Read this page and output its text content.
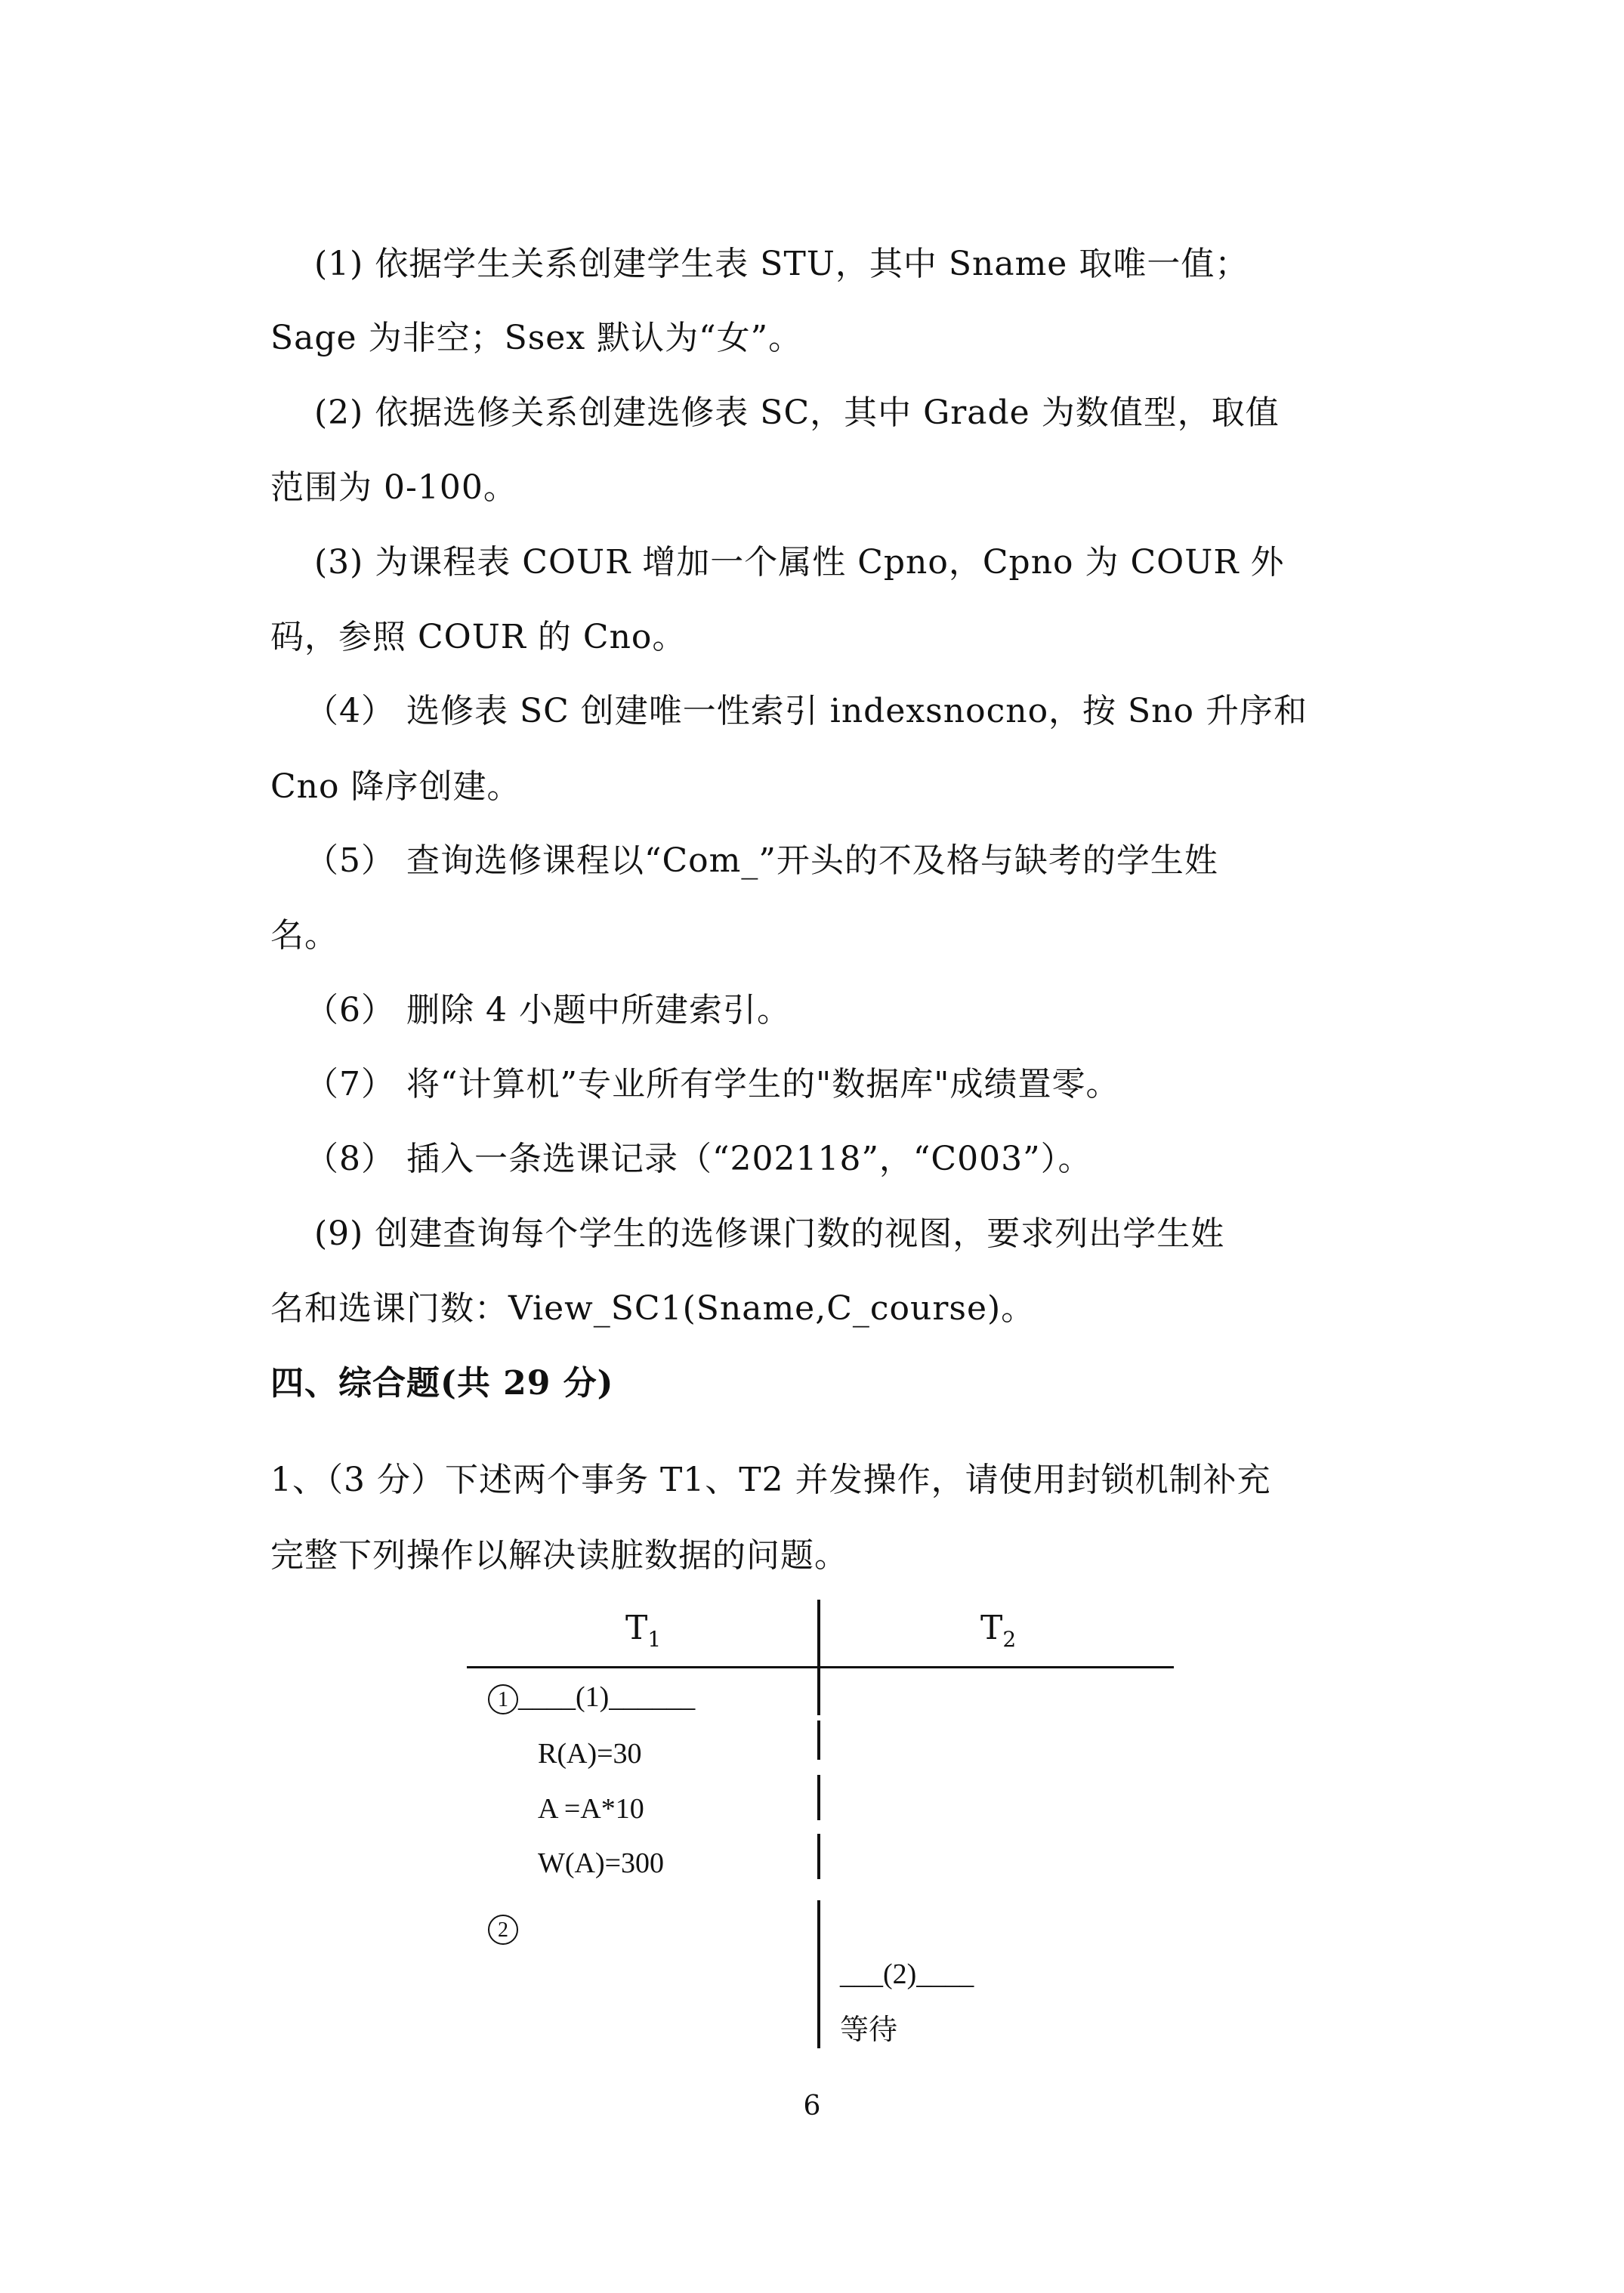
(1) 依据学生关系创建学生表 STU，其中 Sname 取唯一值；
Sage 为非空；Ssex 默认为“女”。
(2) 依据选修关系创建选修表 SC，其中 Grade 为数值型，取值
范围为 0-100。
(3) 为课程表 COUR 增加一个属性 Cpno，Cpno 为 COUR 外
码，参照 COUR 的 Cno。
（4） 选修表 SC 创建唯一性索引 indexsnocno，按 Sno 升序和
Cno 降序创建。
（5） 查询选修课程以“Com_”开头的不及格与缺考的学生姓
名。
（6） 删除 4 小题中所建索引。
（7） 将“计算机”专业所有学生的"数据库"成绩置零。
（8） 插入一条选课记录（“202118”，“C003”）。
(9) 创建查询每个学生的选修课门数的视图，要求列出学生姓
名和选课门数：View_SC1(Sname,C_course)。
四、综合题(共 29 分)
1、（3 分）下述两个事务 T1、T2 并发操作，请使用封锁机制补充
完整下列操作以解决读脏数据的问题。
$T_1$	$T_2$
1 ____(1)______
R(A)=30
A =A*10
W(A)=300
2
___(2)____
等待
6
